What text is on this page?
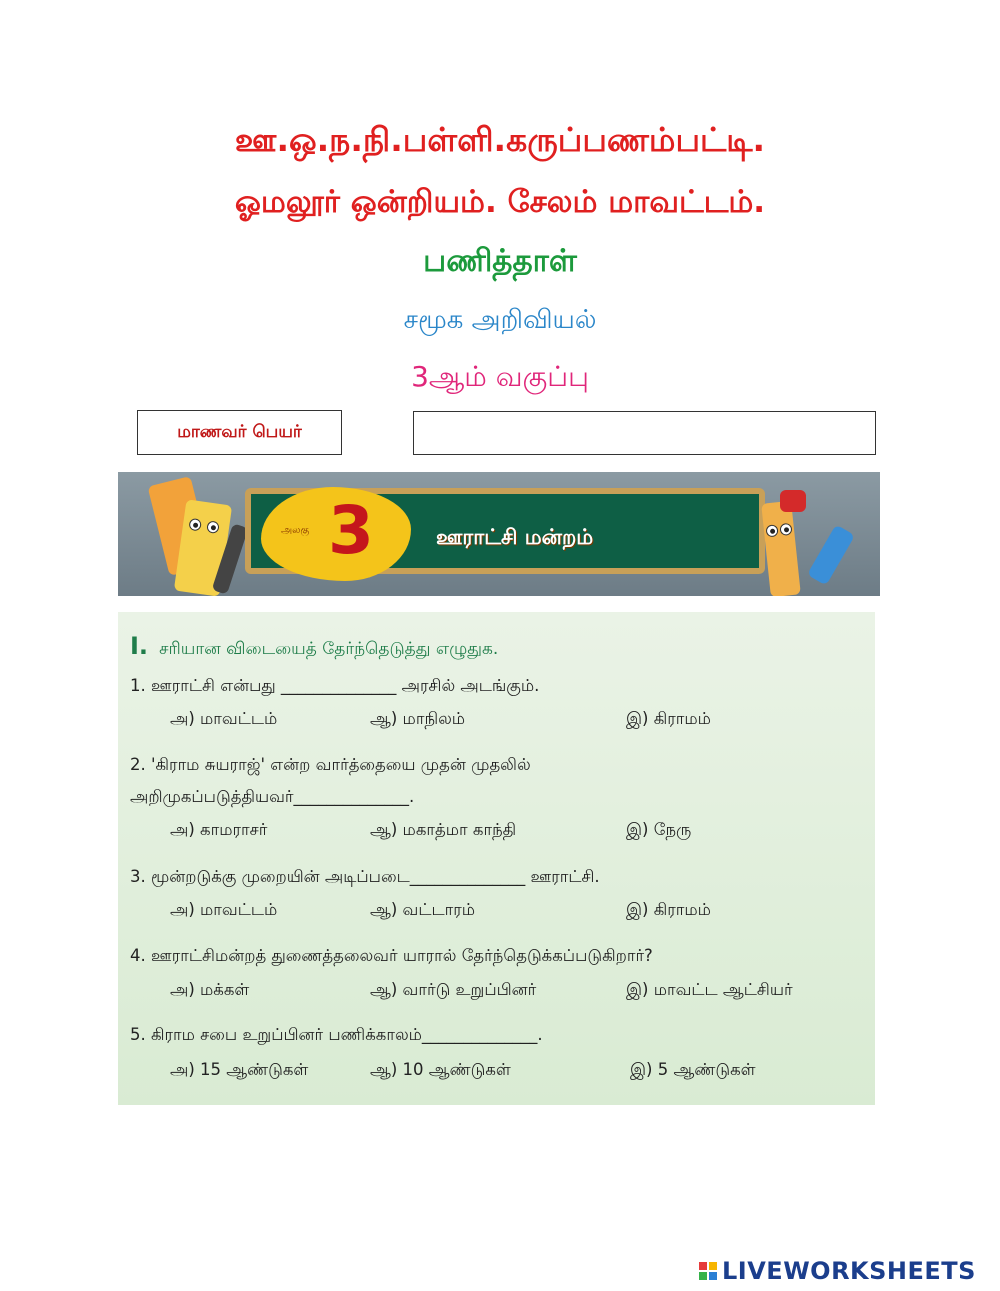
ஊ.ஒ.ந.நி.பள்ளி.கருப்பணம்பட்டி.
ஓமலூர் ஒன்றியம். சேலம் மாவட்டம்.
பணித்தாள்
சமூக அறிவியல்
3ஆம் வகுப்பு
மாணவர் பெயர்
அலகு 3	ஊராட்சி மன்றம்
I. சரியான விடையைத் தேர்ந்தெடுத்து எழுதுக.
1. ஊராட்சி என்பது ______________ அரசில் அடங்கும்.
அ) மாவட்டம்	ஆ) மாநிலம்	இ) கிராமம்
2. 'கிராம சுயராஜ்' என்ற வார்த்தையை முதன் முதலில்
அறிமுகப்படுத்தியவர்______________.
அ) காமராசர்	ஆ) மகாத்மா காந்தி	இ) நேரு
3. மூன்றடுக்கு முறையின் அடிப்படை______________ ஊராட்சி.
அ) மாவட்டம்	ஆ) வட்டாரம்	இ) கிராமம்
4. ஊராட்சிமன்றத் துணைத்தலைவர் யாரால் தேர்ந்தெடுக்கப்படுகிறார்?
அ) மக்கள்	ஆ) வார்டு உறுப்பினர்	இ) மாவட்ட ஆட்சியர்
5. கிராம சபை உறுப்பினர் பணிக்காலம்______________.
அ) 15 ஆண்டுகள்	ஆ) 10 ஆண்டுகள்	இ) 5 ஆண்டுகள்
LIVEWORKSHEETS
